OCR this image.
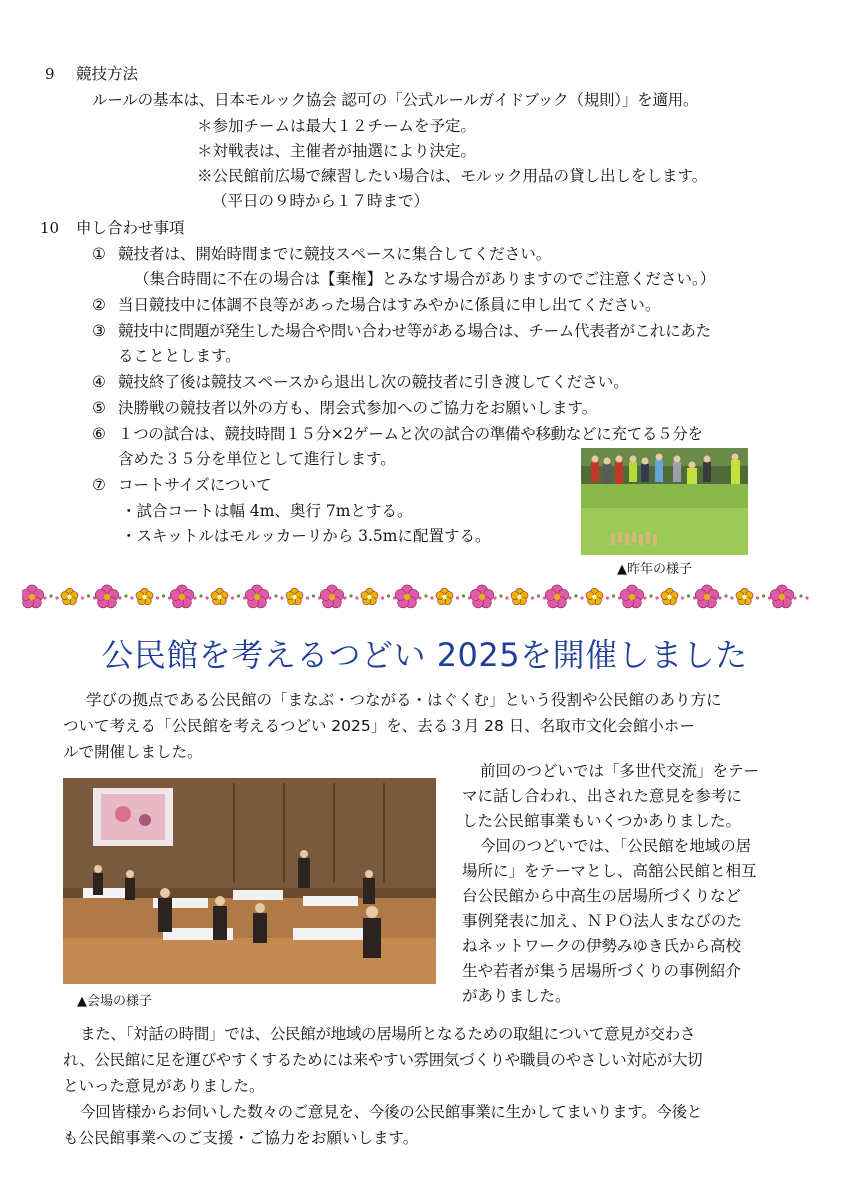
9 競技方法
ルールの基本は、日本モルック協会 認可の「公式ルールガイドブック（規則）」を適用。
＊参加チームは最大１２チームを予定。
＊対戦表は、主催者が抽選により決定。
※公民館前広場で練習したい場合は、モルック用品の貸し出しをします。
（平日の９時から１７時まで）
10 申し合わせ事項
① 競技者は、開始時間までに競技スペースに集合してください。
（集合時間に不在の場合は【棄権】とみなす場合がありますのでご注意ください。）
② 当日競技中に体調不良等があった場合はすみやかに係員に申し出てください。
③ 競技中に問題が発生した場合や問い合わせ等がある場合は、チーム代表者がこれにあた
ることとします。
④ 競技終了後は競技スペースから退出し次の競技者に引き渡してください。
⑤ 決勝戦の競技者以外の方も、閉会式参加へのご協力をお願いします。
⑥ １つの試合は、競技時間１５分×2ゲームと次の試合の準備や移動などに充てる５分を
含めた３５分を単位として進行します。
⑦ コートサイズについて
・試合コートは幅 4m、奥行 7mとする。
・スキットルはモルッカーリから 3.5mに配置する。
▲昨年の様子
公民館を考えるつどい 2025を開催しました
学びの拠点である公民館の「まなぶ・つながる・はぐくむ」という役割や公民館のあり方に
ついて考える「公民館を考えるつどい 2025」を、去る３月 28 日、名取市文化会館小ホー
ルで開催しました。
▲会場の様子
前回のつどいでは「多世代交流」をテー
マに話し合われ、出された意見を参考に
した公民館事業もいくつかありました。
今回のつどいでは、「公民館を地域の居
場所に」をテーマとし、高舘公民館と相互
台公民館から中高生の居場所づくりなど
事例発表に加え、ＮＰＯ法人まなびのた
ねネットワークの伊勢みゆき氏から高校
生や若者が集う居場所づくりの事例紹介
がありました。
また、「対話の時間」では、公民館が地域の居場所となるための取組について意見が交わさ
れ、公民館に足を運びやすくするためには来やすい雰囲気づくりや職員のやさしい対応が大切
といった意見がありました。
今回皆様からお伺いした数々のご意見を、今後の公民館事業に生かしてまいります。今後と
も公民館事業へのご支援・ご協力をお願いします。
